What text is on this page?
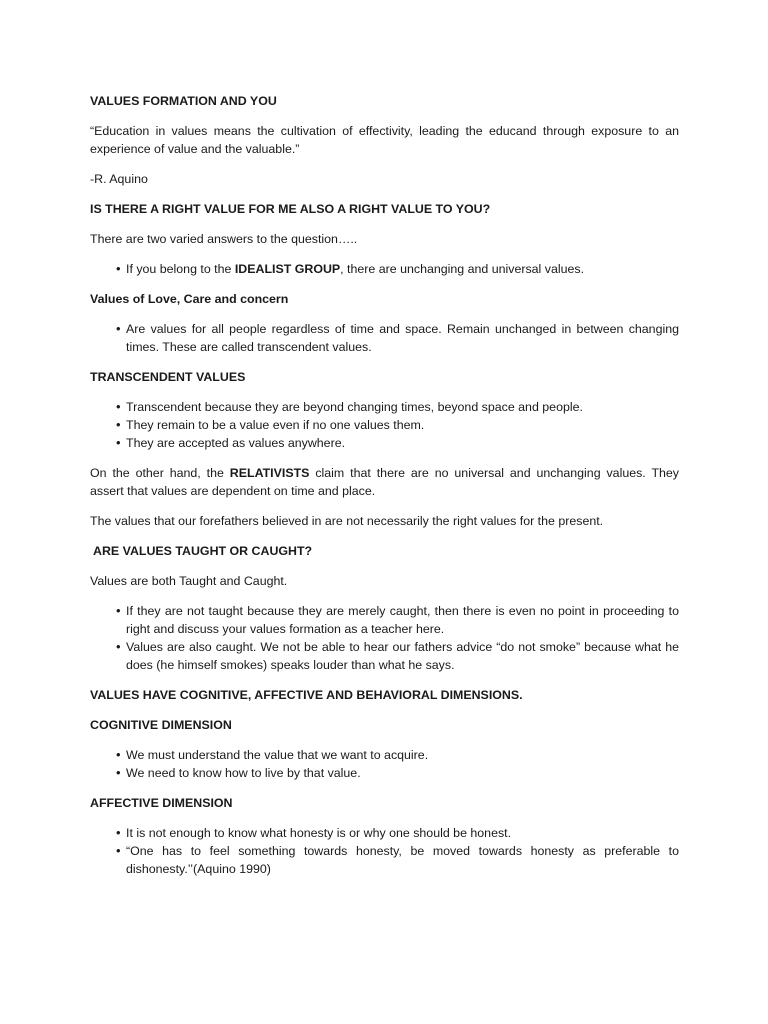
VALUES FORMATION AND YOU

“Education in values means the cultivation of effectivity, leading the educand through exposure to an experience of value and the valuable.”

-R. Aquino

IS THERE A RIGHT VALUE FOR ME ALSO A RIGHT VALUE TO YOU?

There are two varied answers to the question…..

• If you belong to the IDEALIST GROUP, there are unchanging and universal values.

Values of Love, Care and concern

• Are values for all people regardless of time and space. Remain unchanged in between changing times. These are called transcendent values.

TRANSCENDENT VALUES

• Transcendent because they are beyond changing times, beyond space and people.
• They remain to be a value even if no one values them.
• They are accepted as values anywhere.

On the other hand, the RELATIVISTS claim that there are no universal and unchanging values. They assert that values are dependent on time and place.

The values that our forefathers believed in are not necessarily the right values for the present.

ARE VALUES TAUGHT OR CAUGHT?

Values are both Taught and Caught.

• If they are not taught because they are merely caught, then there is even no point in proceeding to right and discuss your values formation as a teacher here.
• Values are also caught. We not be able to hear our fathers advice “do not smoke” because what he does (he himself smokes) speaks louder than what he says.

VALUES HAVE COGNITIVE, AFFECTIVE AND BEHAVIORAL DIMENSIONS.

COGNITIVE DIMENSION

• We must understand the value that we want to acquire.
• We need to know how to live by that value.

AFFECTIVE DIMENSION

• It is not enough to know what honesty is or why one should be honest.
• “One has to feel something towards honesty, be moved towards honesty as preferable to dishonesty.’’(Aquino 1990)
